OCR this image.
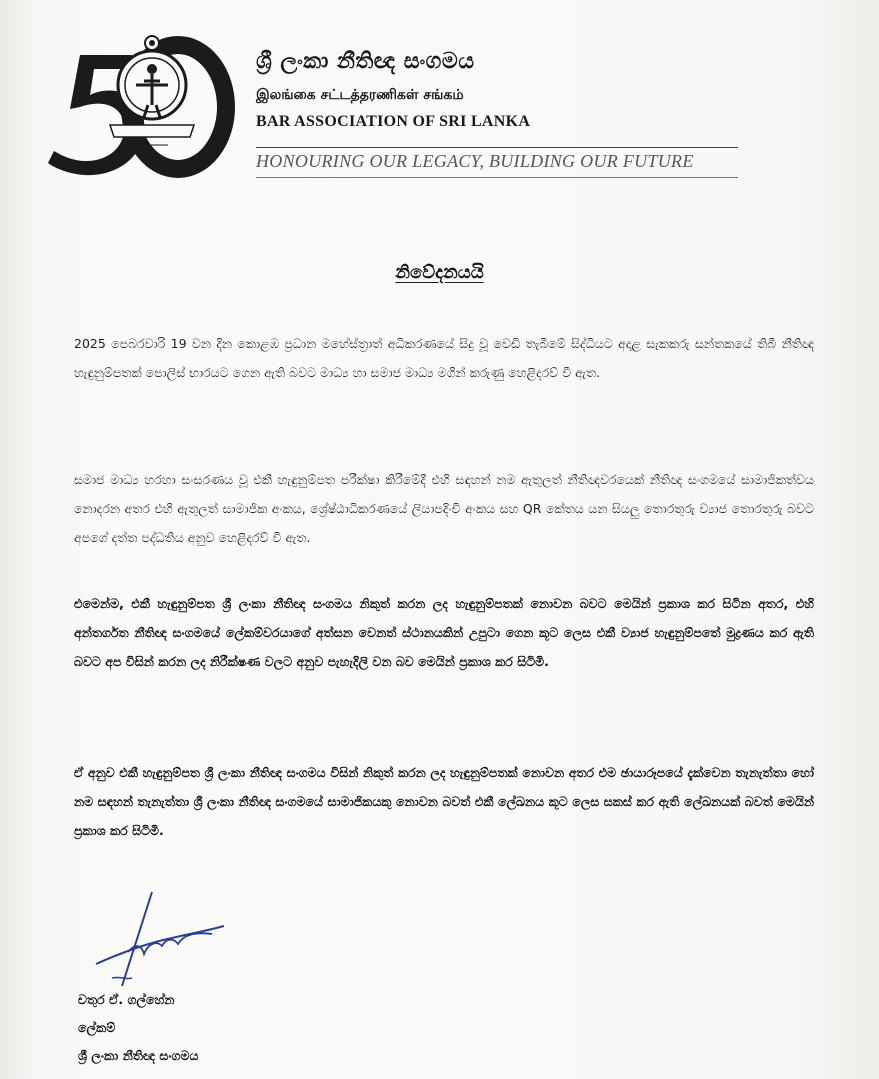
ශ්‍රී ලංකා නීතිඥ සංගමය
இலங்கை சட்டத்தரணிகள் சங்கம்
BAR ASSOCIATION OF SRI LANKA
HONOURING OUR LEGACY, BUILDING OUR FUTURE
නිවේදනයයි

2025 පෙබරවාරි 19 වන දින කොළඹ ප්‍රධාන මහේස්ත්‍රාත් අධිකරණයේ සිදු වූ වෙඩි තැබීමේ සිද්ධියට අදාළ සැකකරු සන්තකයේ තිබී නීතිඥ හැඳුනුම්පතක් පොලිස් භාරයට ගෙන ඇති බවට මාධ්‍ය හා සමාජ මාධ්‍ය මගින් කරුණු හෙළිදරව් වී ඇත.

සමාජ මාධ්‍ය හරහා සංසරණය වූ එකී හැඳුනුම්පත පරීක්ෂා කිරීමේදී එහි සඳහන් නම ඇතුලත් නීතිඥවරයෙක් නීතිඥ සංගමයේ සාමාජිකත්වය නොදරන අතර එහි ඇතුලත් සාමාජික අංකය, ශ්‍රේෂ්ඨාධිකරණයේ ලියාපදිංචි අංකය සහ QR කේතය යන සියලු තොරතුරු ව්‍යාජ තොරතුරු බවට අපගේ දත්ත පද්ධතිය අනුව හෙළිදරව් වී ඇත.

එමෙන්ම, එකී හැඳුනුම්පත ශ්‍රී ලංකා නීතිඥ සංගමය නිකුත් කරන ලද හැඳුනුම්පතක් නොවන බවට මෙයින් ප්‍රකාශ කර සිටින අතර, එහි අන්තර්ගත නීතිඥ සංගමයේ ලේකම්වරයාගේ අත්සන වෙනත් ස්ථානයකින් උපුටා ගෙන කූට ලෙස එකී ව්‍යාජ හැඳුනුම්පතේ මුද්‍රණය කර ඇති බවට අප විසින් කරන ලද නිරීක්ෂණ වලට අනුව පැහැදිලි වන බව මෙයින් ප්‍රකාශ කර සිටිමි.

ඒ අනුව එකී හැඳුනුම්පත ශ්‍රී ලංකා නීතිඥ සංගමය විසින් නිකුත් කරන ලද හැඳුනුම්පතක් නොවන අතර එම ඡායාරූපයේ දැක්වෙන තැනැත්තා හෝ නම සඳහන් තැනැත්තා ශ්‍රී ලංකා නීතිඥ සංගමයේ සාමාජිකයකු නොවන බවත් එකී ලේඛනය කූට ලෙස සකස් කර ඇති ලේඛනයක් බවත් මෙයින් ප්‍රකාශ කර සිටිමි.

චතුර ඒ. ගල්හේන
ලේකම්
ශ්‍රී ලංකා නීතිඥ සංගමය
